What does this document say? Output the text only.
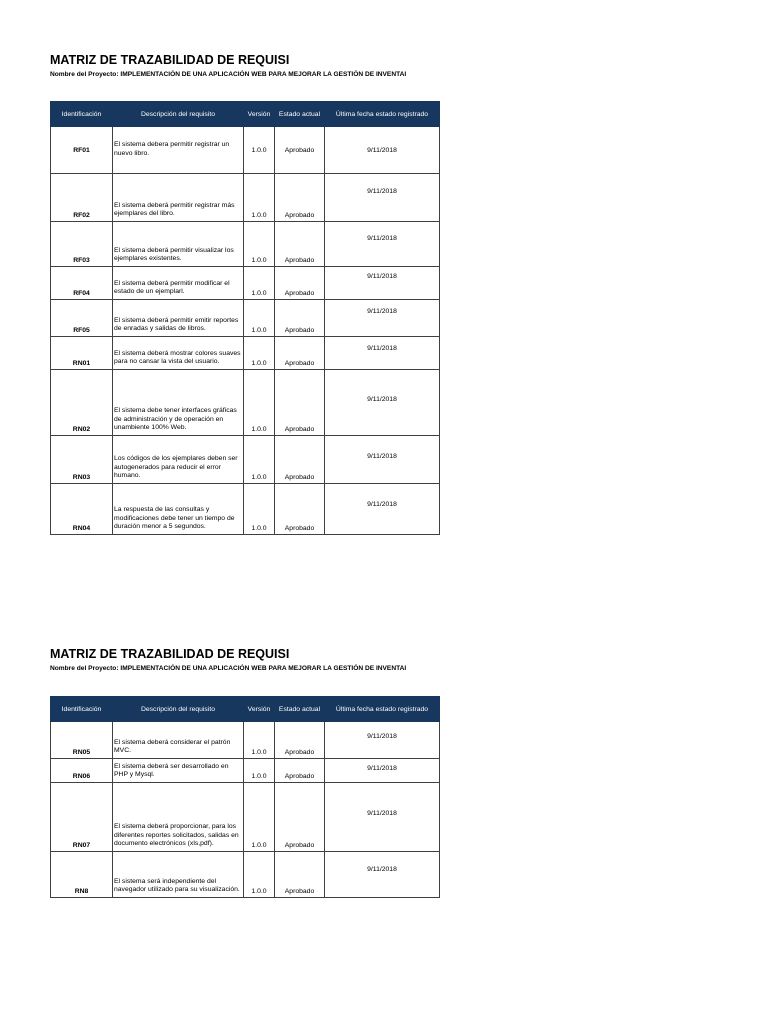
MATRIZ DE TRAZABILIDAD DE REQUISI
Nombre del Proyecto: IMPLEMENTACIÓN DE UNA APLICACIÓN WEB PARA MEJORAR LA GESTIÓN DE INVENTAI
Identificación	Descripción del requisito	Versión	Estado actual	Última fecha estado registrado
RF01	El sistema debera permitir registrar un nuevo libro.	1.0.0	Aprobado	9/11/2018
RF02	El sistema deberá permitir registrar más ejemplares del libro.	1.0.0	Aprobado	9/11/2018
RF03	El sistema deberá permitir visualizar los ejemplares existentes.	1.0.0	Aprobado	9/11/2018
RF04	El sistema deberá permitir modificar el estado de un ejemplarl.	1.0.0	Aprobado	9/11/2018
RF05	El sistema deberá permitir emitir reportes de enradas y salidas de libros.	1.0.0	Aprobado	9/11/2018
RN01	El sistema deberá mostrar colores suaves para no cansar la vista del usuario.	1.0.0	Aprobado	9/11/2018
RN02	El sistema debe tener interfaces gráficas de administración y de operación en unambiente 100% Web.	1.0.0	Aprobado	9/11/2018
RN03	Los códigos de los ejemplares deben ser autogenerados para reducir el error humano.	1.0.0	Aprobado	9/11/2018
RN04	La respuesta de las consultas y modificaciones debe tener un tiempo de duración menor a 5 segundos.	1.0.0	Aprobado	9/11/2018
MATRIZ DE TRAZABILIDAD DE REQUISI
Nombre del Proyecto: IMPLEMENTACIÓN DE UNA APLICACIÓN WEB PARA MEJORAR LA GESTIÓN DE INVENTAI
Identificación	Descripción del requisito	Versión	Estado actual	Última fecha estado registrado
RN05	El sistema deberá considerar el patrón MVC.	1.0.0	Aprobado	9/11/2018
RN06	El sistema deberá ser desarrollado en PHP y Mysql.	1.0.0	Aprobado	9/11/2018
RN07	El sistema deberá proporcionar, para los diferentes reportes solicitados, salidas en documento electrónicos (xls,pdf).	1.0.0	Aprobado	9/11/2018
RN8	El sistema será independiente del navegador utilizado para su visualización.	1.0.0	Aprobado	9/11/2018
